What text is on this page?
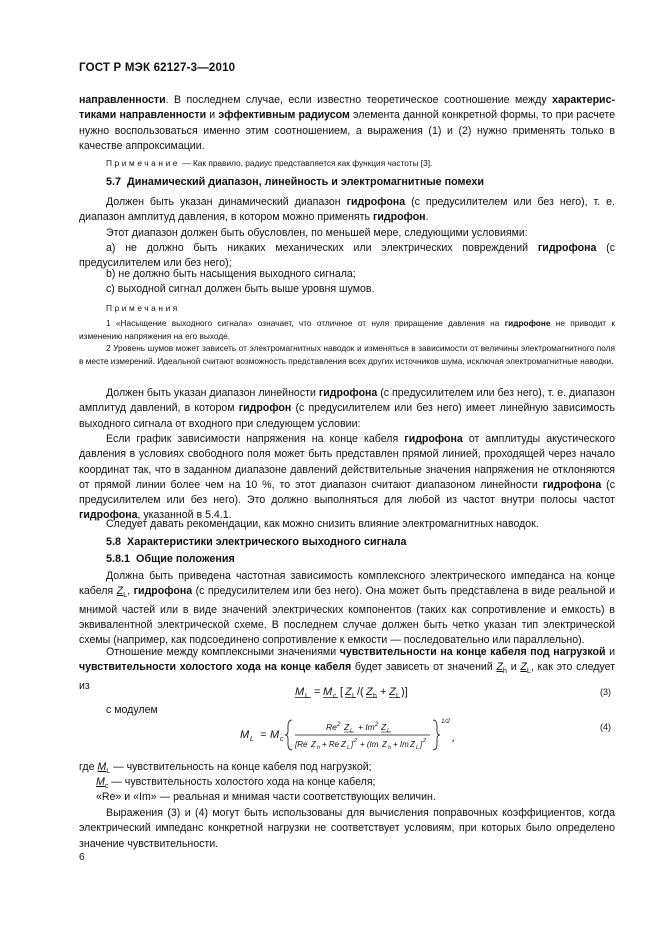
ГОСТ Р МЭК 62127-3—2010
направленности. В последнем случае, если известно теоретическое соотношение между характерис-тиками направленности и эффективным радиусом элемента данной конкретной формы, то при расчете нужно воспользоваться именно этим соотношением, а выражения (1) и (2) нужно применять только в качестве аппроксимации.
Примечание — Как правило, радиус представляется как функция частоты [3].
5.7 Динамический диапазон, линейность и электромагнитные помехи
Должен быть указан динамический диапазон гидрофона (с предусилителем или без него), т. е. диапазон амплитуд давления, в котором можно применять гидрофон.
Этот диапазон должен быть обусловлен, по меньшей мере, следующими условиями:
a) не должно быть никаких механических или электрических повреждений гидрофона (с предусилителем или без него);
b) не должно быть насыщения выходного сигнала;
c) выходной сигнал должен быть выше уровня шумов.
Примечания
1 «Насыщение выходного сигнала» означает, что отличное от нуля приращение давления на гидрофоне не приводит к изменению напряжения на его выходе.
2 Уровень шумов может зависеть от электромагнитных наводок и изменяться в зависимости от величины электромагнитного поля в месте измерений. Идеальной считают возможность представления всех других источников шума, исключая электромагнитные наводки.
Должен быть указан диапазон линейности гидрофона (с предусилителем или без него), т. е. диапазон амплитуд давлений, в котором гидрофон (с предусилителем или без него) имеет линейную зависимость выходного сигнала от входного при следующем условии:
Если график зависимости напряжения на конце кабеля гидрофона от амплитуды акустического давления в условиях свободного поля может быть представлен прямой линией, проходящей через начало координат так, что в заданном диапазоне давлений действительные значения напряжения не отклоняются от прямой линии более чем на 10 %, то этот диапазон считают диапазоном линейности гидрофона (с предусилителем или без него). Это должно выполняться для любой из частот внутри полосы частот гидрофона, указанной в 5.4.1.
Следует давать рекомендации, как можно снизить влияние электромагнитных наводок.
5.8 Характеристики электрического выходного сигнала
5.8.1 Общие положения
Должна быть приведена частотная зависимость комплексного электрического импеданса на конце кабеля $Z_L$, гидрофона (с предусилителем или без него). Она может быть представлена в виде реальной и мнимой частей или в виде значений электрических компонентов (таких как сопротивление и емкость) в эквивалентной электрической схеме. В последнем случае должен быть четко указан тип электрической схемы (например, как подсоединено сопротивление к емкости — последовательно или параллельно).
Отношение между комплексными значениями чувствительности на конце кабеля под нагрузкой и чувствительности холостого хода на конце кабеля будет зависеть от значений $Z_h$ и $Z_L$, как это следует из
M L = M c [ Z L /( Z h + Z L )]	(3)
с модулем
M L = M c
Re 2 Z L + Im 2 Z L
[Re Z h + Re Z L ] 2 + (Im Z h + Im Z L ] 2
1/2
,
(4)
где $M_L$ — чувствительность на конце кабеля под нагрузкой;
$M_c$ — чувствительность холостого хода на конце кабеля;
«Re» и «Im» — реальная и мнимая части соответствующих величин.
Выражения (3) и (4) могут быть использованы для вычисления поправочных коэффициентов, когда электрический импеданс конкретной нагрузки не соответствует условиям, при которых было определено значение чувствительности.
6
